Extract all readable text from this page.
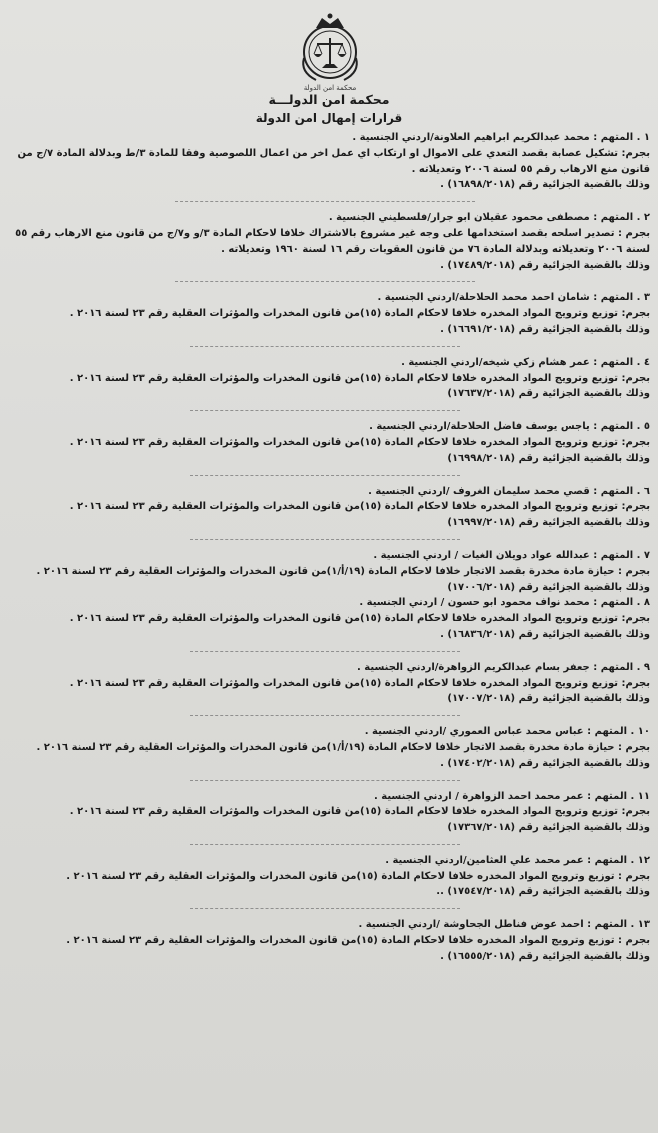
محكمة امن الدولة
محكمة امن الدولـــة
قرارات إمهال امن الدولة
١ . المتهم : محمد عبدالكريم ابراهيم العلاونة/اردني الجنسية .
بجرم: تشكيل عصابة بقصد التعدي على الاموال او ارتكاب اي عمل اخر من اعمال اللصوصية وفقا للمادة ٣/ط وبدلالة المادة ٧/ج من قانون منع الارهاب رقم ٥٥ لسنة ٢٠٠٦ وتعديلاته .
وذلك بالقضية الجزائية رقم (١٦٨٩٨/٢٠١٨) .
٢ . المتهم : مصطفى محمود عقيلان ابو جرار/فلسطيني الجنسية .
بجرم : تصدير اسلحه بقصد استخدامها على وجه غير مشروع بالاشتراك خلافا لاحكام المادة ٣/و و٧/ج من قانون منع الارهاب رقم ٥٥ لسنة ٢٠٠٦ وتعديلاته وبدلالة المادة ٧٦ من قانون العقوبات رقم ١٦ لسنة ١٩٦٠ وتعديلاته .
وذلك بالقضية الجزائية رقم (١٧٤٨٩/٢٠١٨) .
٣ . المتهم : شامان احمد محمد الحلاحلة/اردني الجنسية .
بجرم: توزيع وترويج المواد المخدره خلافا لاحكام المادة (١٥)من قانون المخدرات والمؤثرات العقلية رقم ٢٣ لسنة ٢٠١٦ .
وذلك بالقضية الجزائية رقم (١٦٦٩١/٢٠١٨) .
٤ . المتهم : عمر هشام زكي شيخه/اردني الجنسية .
بجرم: توزيع وترويج المواد المخدره خلافا لاحكام المادة (١٥)من قانون المخدرات والمؤثرات العقلية رقم ٢٣ لسنة ٢٠١٦ .
وذلك بالقضية الجزائية رقم (١٧٦٣٧/٢٠١٨)
٥ . المتهم : ياجس يوسف فاضل الحلاحلة/اردني الجنسية .
بجرم: توزيع وترويج المواد المخدره خلافا لاحكام المادة (١٥)من قانون المخدرات والمؤثرات العقلية رقم ٢٣ لسنة ٢٠١٦ .
وذلك بالقضية الجزائية رقم (١٦٩٩٨/٢٠١٨)
٦ . المتهم : قصي محمد سليمان الغروف /اردني الجنسية .
بجرم: توزيع وترويج المواد المخدره خلافا لاحكام المادة (١٥)من قانون المخدرات والمؤثرات العقلية رقم ٢٣ لسنة ٢٠١٦ .
وذلك بالقضية الجزائية رقم (١٦٩٩٧/٢٠١٨)
٧ . المتهم : عبدالله عواد دويلان الغيات / اردني الجنسية .
بجرم : حيازة مادة مخدرة بقصد الاتجار خلافا لاحكام المادة (١٩/أ/١)من قانون المخدرات والمؤثرات العقلية رقم ٢٣ لسنة ٢٠١٦ .
وذلك بالقضية الجزائية رقم (١٧٠٠٦/٢٠١٨)
٨ . المتهم : محمد نواف محمود ابو حسون / اردني الجنسية .
بجرم: توزيع وترويج المواد المخدره خلافا لاحكام المادة (١٥)من قانون المخدرات والمؤثرات العقلية رقم ٢٣ لسنة ٢٠١٦ .
وذلك بالقضية الجزائية رقم (١٦٨٣٦/٢٠١٨) .
٩ . المتهم : جعفر بسام عبدالكريم الزواهرة/اردني الجنسية .
بجرم: توزيع وترويج المواد المخدره خلافا لاحكام المادة (١٥)من قانون المخدرات والمؤثرات العقلية رقم ٢٣ لسنة ٢٠١٦ .
وذلك بالقضية الجزائية رقم (١٧٠٠٧/٢٠١٨)
١٠ . المتهم : عباس محمد عباس العموري /اردني الجنسية .
بجرم : حيازة مادة مخدرة بقصد الاتجار خلافا لاحكام المادة (١٩/أ/١)من قانون المخدرات والمؤثرات العقلية رقم ٢٣ لسنة ٢٠١٦ .
وذلك بالقضية الجزائية رقم (١٧٤٠٢/٢٠١٨) .
١١ . المتهم : عمر محمد احمد الزواهرة / اردني الجنسية .
بجرم: توزيع وترويج المواد المخدره خلافا لاحكام المادة (١٥)من قانون المخدرات والمؤثرات العقلية رقم ٢٣ لسنة ٢٠١٦ .
وذلك بالقضية الجزائية رقم (١٧٣٦٧/٢٠١٨)
١٢ . المتهم : عمر محمد علي العثامين/اردني الجنسية .
بجرم : توزيع وترويج المواد المخدره خلافا لاحكام المادة (١٥)من قانون المخدرات والمؤثرات العقلية رقم ٢٣ لسنة ٢٠١٦ .
وذلك بالقضية الجزائية رقم (١٧٥٤٧/٢٠١٨) ..
١٣ . المتهم : احمد عوض فناطل الجحاوشة /اردني الجنسية .
بجرم : توزيع وترويج المواد المخدره خلافا لاحكام المادة (١٥)من قانون المخدرات والمؤثرات العقلية رقم ٢٣ لسنة ٢٠١٦ .
وذلك بالقضية الجزائية رقم (١٦٥٥٥/٢٠١٨) .
